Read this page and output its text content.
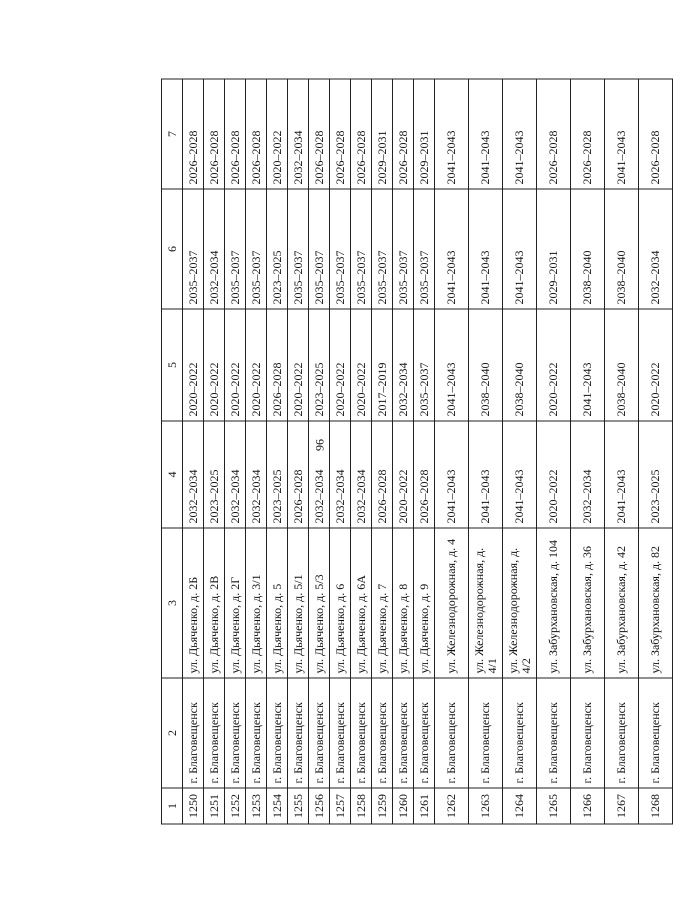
96
1	2	3	4	5	6	7
1250	г. Благовещенск	ул. Дьяченко, д. 2Б	2032–2034	2020–2022	2035–2037	2026–2028
1251	г. Благовещенск	ул. Дьяченко, д. 2В	2023–2025	2020–2022	2032–2034	2026–2028
1252	г. Благовещенск	ул. Дьяченко, д. 2Г	2032–2034	2020–2022	2035–2037	2026–2028
1253	г. Благовещенск	ул. Дьяченко, д. 3/1	2032–2034	2020–2022	2035–2037	2026–2028
1254	г. Благовещенск	ул. Дьяченко, д. 5	2023–2025	2026–2028	2023–2025	2020–2022
1255	г. Благовещенск	ул. Дьяченко, д. 5/1	2026–2028	2020–2022	2035–2037	2032–2034
1256	г. Благовещенск	ул. Дьяченко, д. 5/3	2032–2034	2023–2025	2035–2037	2026–2028
1257	г. Благовещенск	ул. Дьяченко, д. 6	2032–2034	2020–2022	2035–2037	2026–2028
1258	г. Благовещенск	ул. Дьяченко, д. 6А	2032–2034	2020–2022	2035–2037	2026–2028
1259	г. Благовещенск	ул. Дьяченко, д. 7	2026–2028	2017–2019	2035–2037	2029–2031
1260	г. Благовещенск	ул. Дьяченко, д. 8	2020–2022	2032–2034	2035–2037	2026–2028
1261	г. Благовещенск	ул. Дьяченко, д. 9	2026–2028	2035–2037	2035–2037	2029–2031
1262	г. Благовещенск	ул. Железнодорожная, д. 4	2041–2043	2041–2043	2041–2043	2041–2043
1263	г. Благовещенск	ул. Железнодорожная, д. 4/1	2041–2043	2038–2040	2041–2043	2041–2043
1264	г. Благовещенск	ул. Железнодорожная, д. 4/2	2041–2043	2038–2040	2041–2043	2041–2043
1265	г. Благовещенск	ул. Забурхановская, д. 104	2020–2022	2020–2022	2029–2031	2026–2028
1266	г. Благовещенск	ул. Забурхановская, д. 36	2032–2034	2041–2043	2038–2040	2026–2028
1267	г. Благовещенск	ул. Забурхановская, д. 42	2041–2043	2038–2040	2038–2040	2041–2043
1268	г. Благовещенск	ул. Забурхановская, д. 82	2023–2025	2020–2022	2032–2034	2026–2028
